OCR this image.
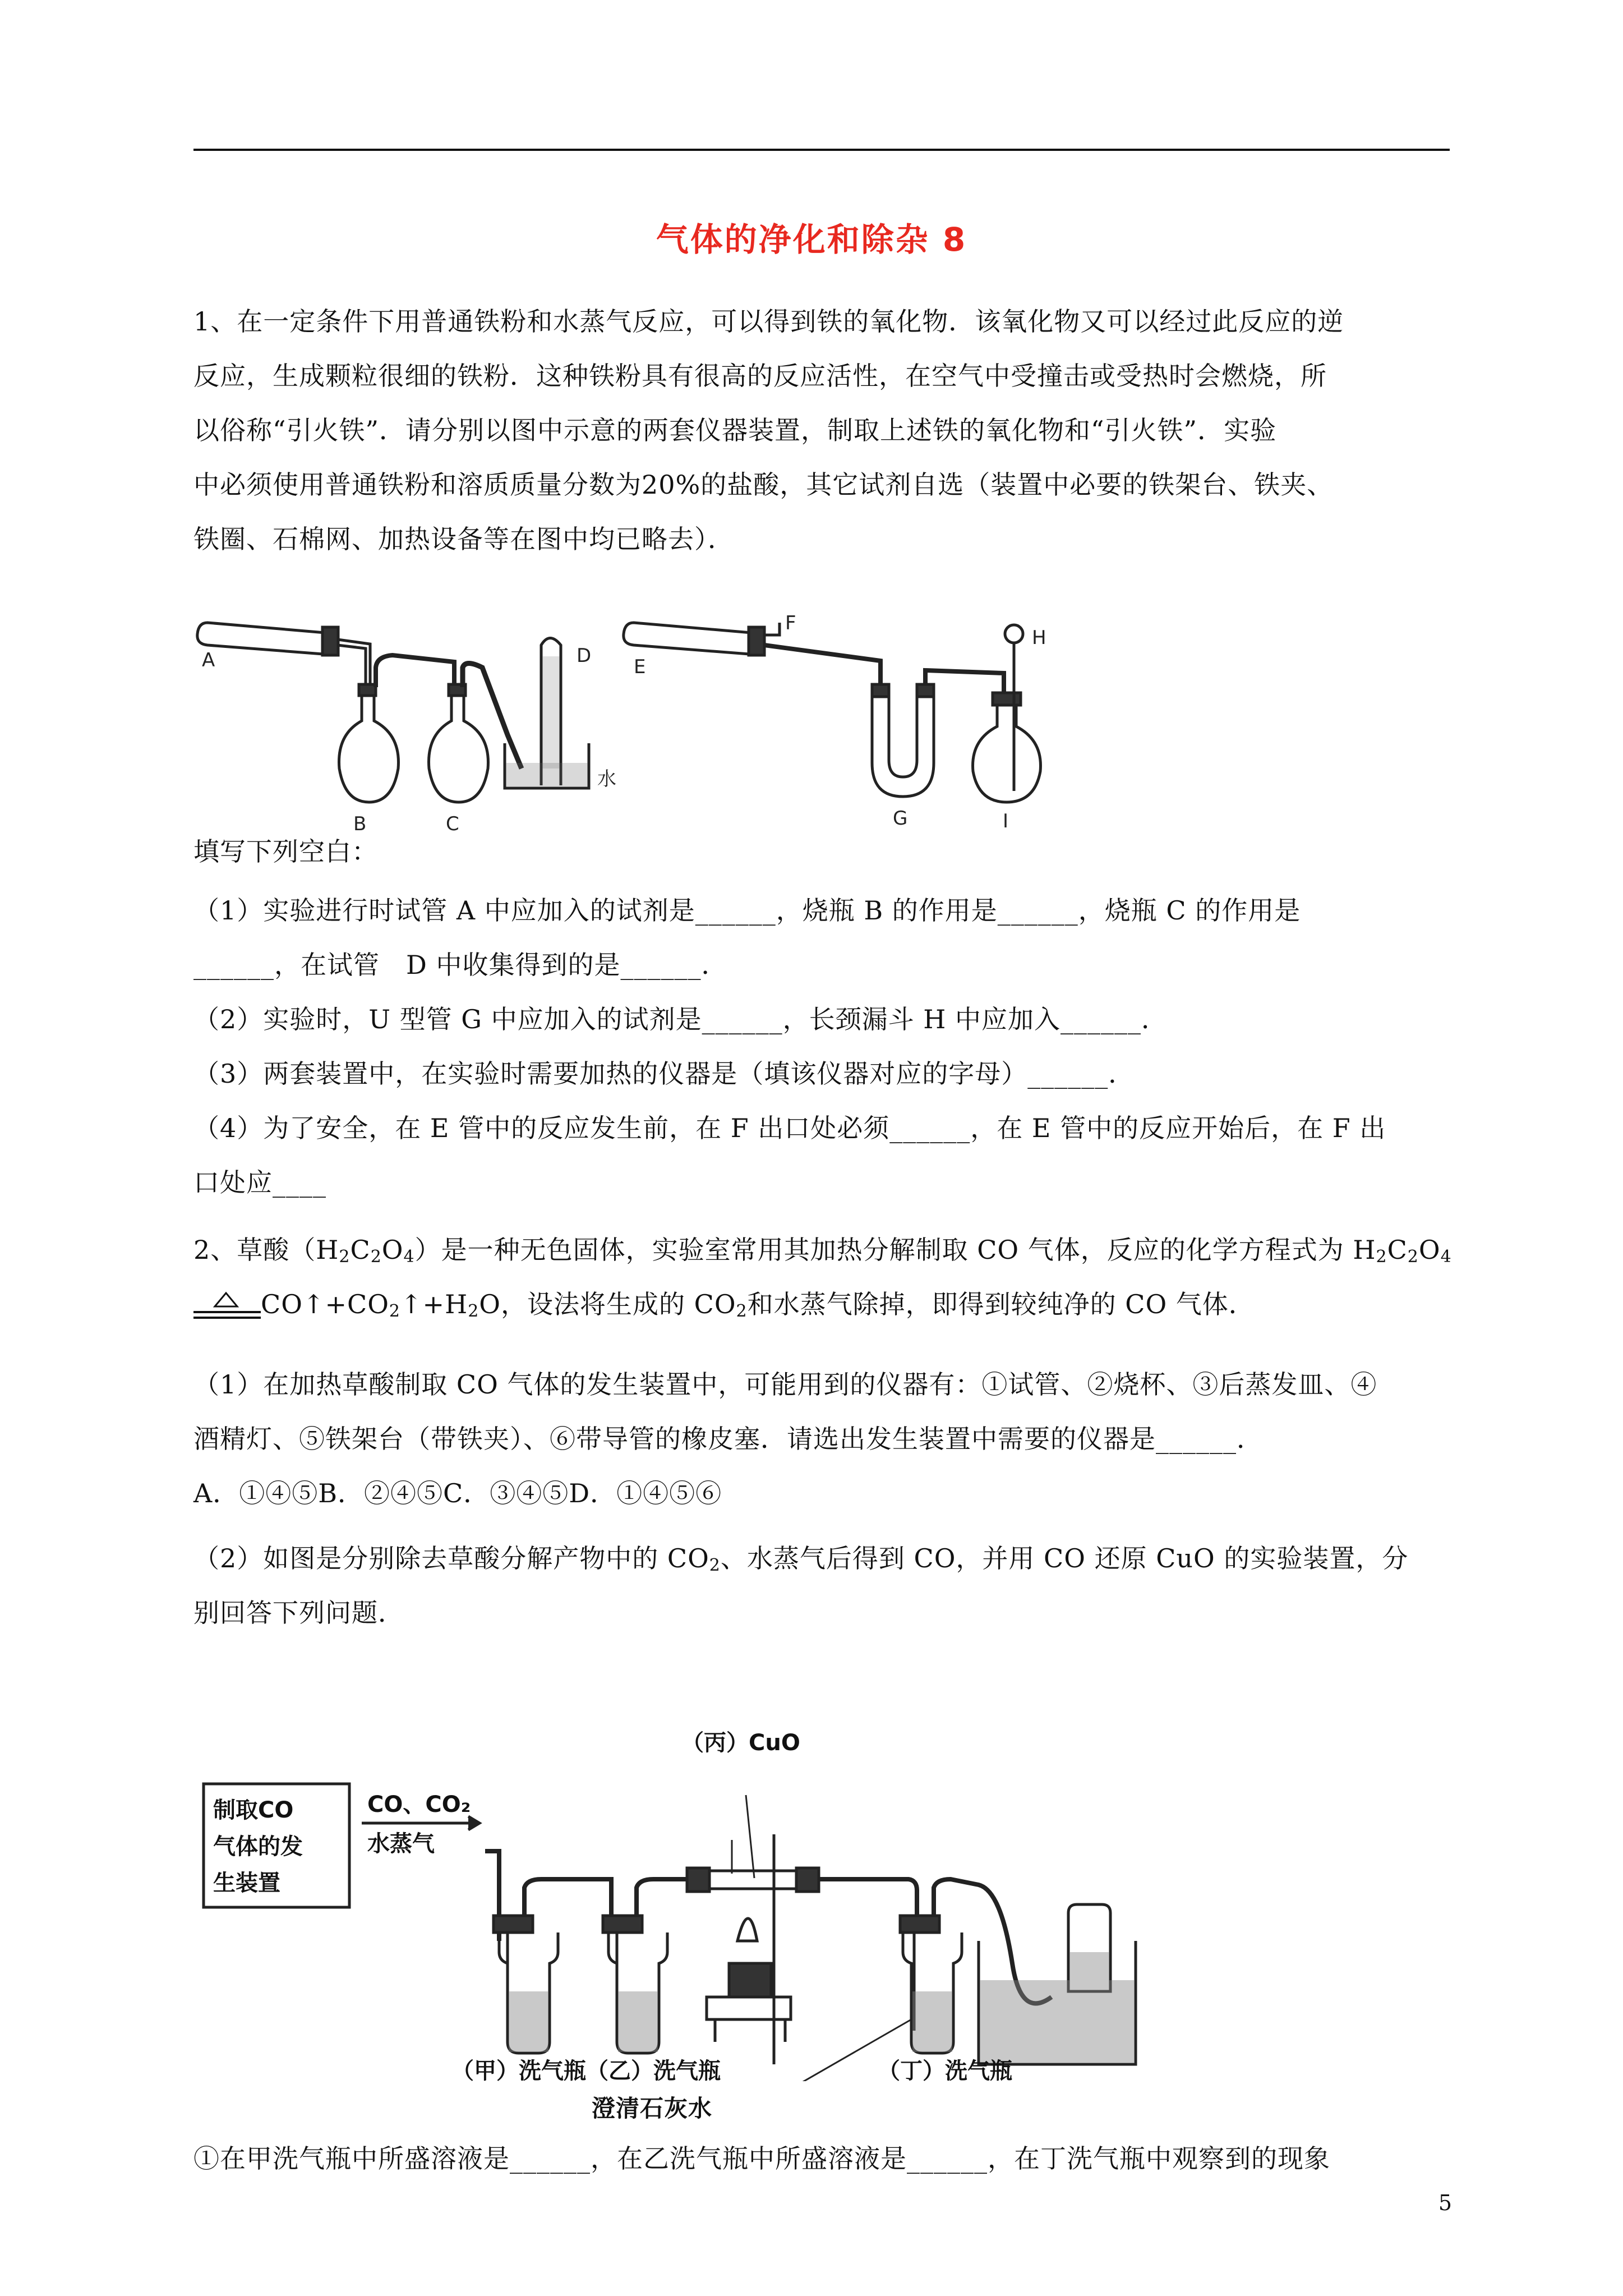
气体的净化和除杂 8
1、在一定条件下用普通铁粉和水蒸气反应，可以得到铁的氧化物．该氧化物又可以经过此反应的逆
反应，生成颗粒很细的铁粉．这种铁粉具有很高的反应活性，在空气中受撞击或受热时会燃烧，所
以俗称“引火铁”．请分别以图中示意的两套仪器装置，制取上述铁的氧化物和“引火铁”．实验
中必须使用普通铁粉和溶质质量分数为20%的盐酸，其它试剂自选（装置中必要的铁架台、铁夹、
铁圈、石棉网、加热设备等在图中均已略去）．
A
B	C
D
水
E
F
G
H
I
填写下列空白：
（1）实验进行时试管 A 中应加入的试剂是______，烧瓶 B 的作用是______，烧瓶 C 的作用是
______，在试管　D 中收集得到的是______．
（2）实验时，U 型管 G 中应加入的试剂是______，长颈漏斗 H 中应加入______．
（3）两套装置中，在实验时需要加热的仪器是（填该仪器对应的字母）______．
（4）为了安全，在 E 管中的反应发生前，在 F 出口处必须______，在 E 管中的反应开始后，在 F 出
口处应____
2、草酸$(H_2C_2O_4)$是一种无色固体，实验室常用其加热分解制取 CO 气体，反应的化学方程式为 $H_2C_2O_4$
$CO↑+CO_2↑+H_2O$，设法将生成的 $CO_2$和水蒸气除掉，即得到较纯净的 CO 气体．
（1）在加热草酸制取 CO 气体的发生装置中，可能用到的仪器有：①试管、②烧杯、③后蒸发皿、④
酒精灯、⑤铁架台（带铁夹）、⑥带导管的橡皮塞．请选出发生装置中需要的仪器是______．
A．①④⑤B．②④⑤C．③④⑤D．①④⑤⑥
（2）如图是分别除去草酸分解产物中的 $CO_2$、水蒸气后得到 CO，并用 CO 还原 CuO 的实验装置，分
别回答下列问题．
制取CO
气体的发
生装置
CO、CO₂
水蒸气
（丙）CuO
（甲）洗气瓶（乙）洗气瓶	（丁）洗气瓶
澄清石灰水
①在甲洗气瓶中所盛溶液是______，在乙洗气瓶中所盛溶液是______，在丁洗气瓶中观察到的现象
5
